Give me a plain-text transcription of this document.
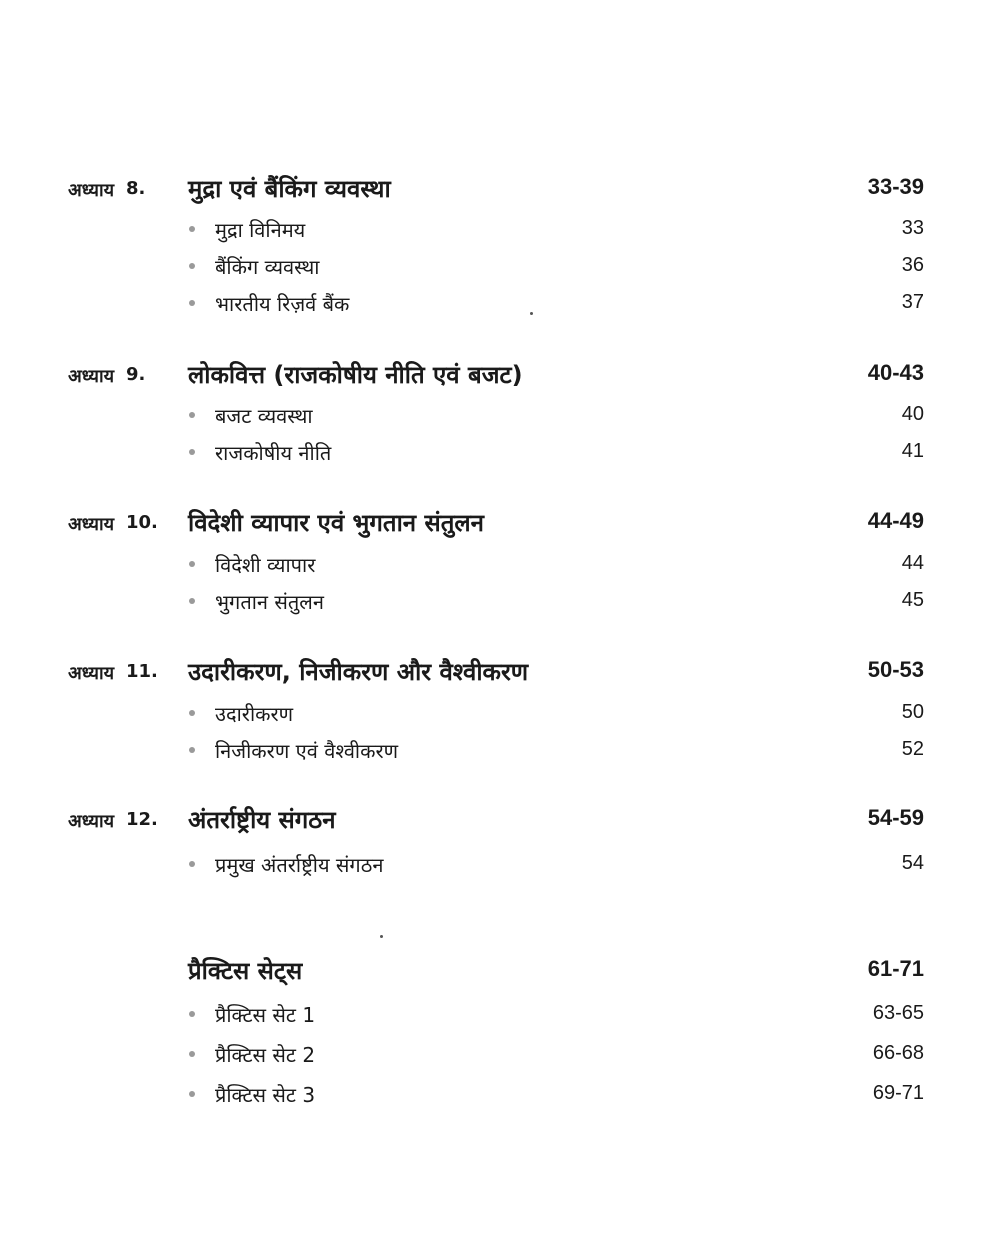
अध्याय 8.	मुद्रा एवं बैंकिंग व्यवस्था	33-39
मुद्रा विनिमय	33
बैंकिंग व्यवस्था	36
भारतीय रिज़र्व बैंक	37
अध्याय 9.	लोकवित्त (राजकोषीय नीति एवं बजट)	40-43
बजट व्यवस्था	40
राजकोषीय नीति	41
अध्याय 10.	विदेशी व्यापार एवं भुगतान संतुलन	44-49
विदेशी व्यापार	44
भुगतान संतुलन	45
अध्याय 11.	उदारीकरण, निजीकरण और वैश्वीकरण	50-53
उदारीकरण	50
निजीकरण एवं वैश्वीकरण	52
अध्याय 12.	अंतर्राष्ट्रीय संगठन	54-59
प्रमुख अंतर्राष्ट्रीय संगठन	54
प्रैक्टिस सेट्स	61-71
प्रैक्टिस सेट 1	63-65
प्रैक्टिस सेट 2	66-68
प्रैक्टिस सेट 3	69-71
